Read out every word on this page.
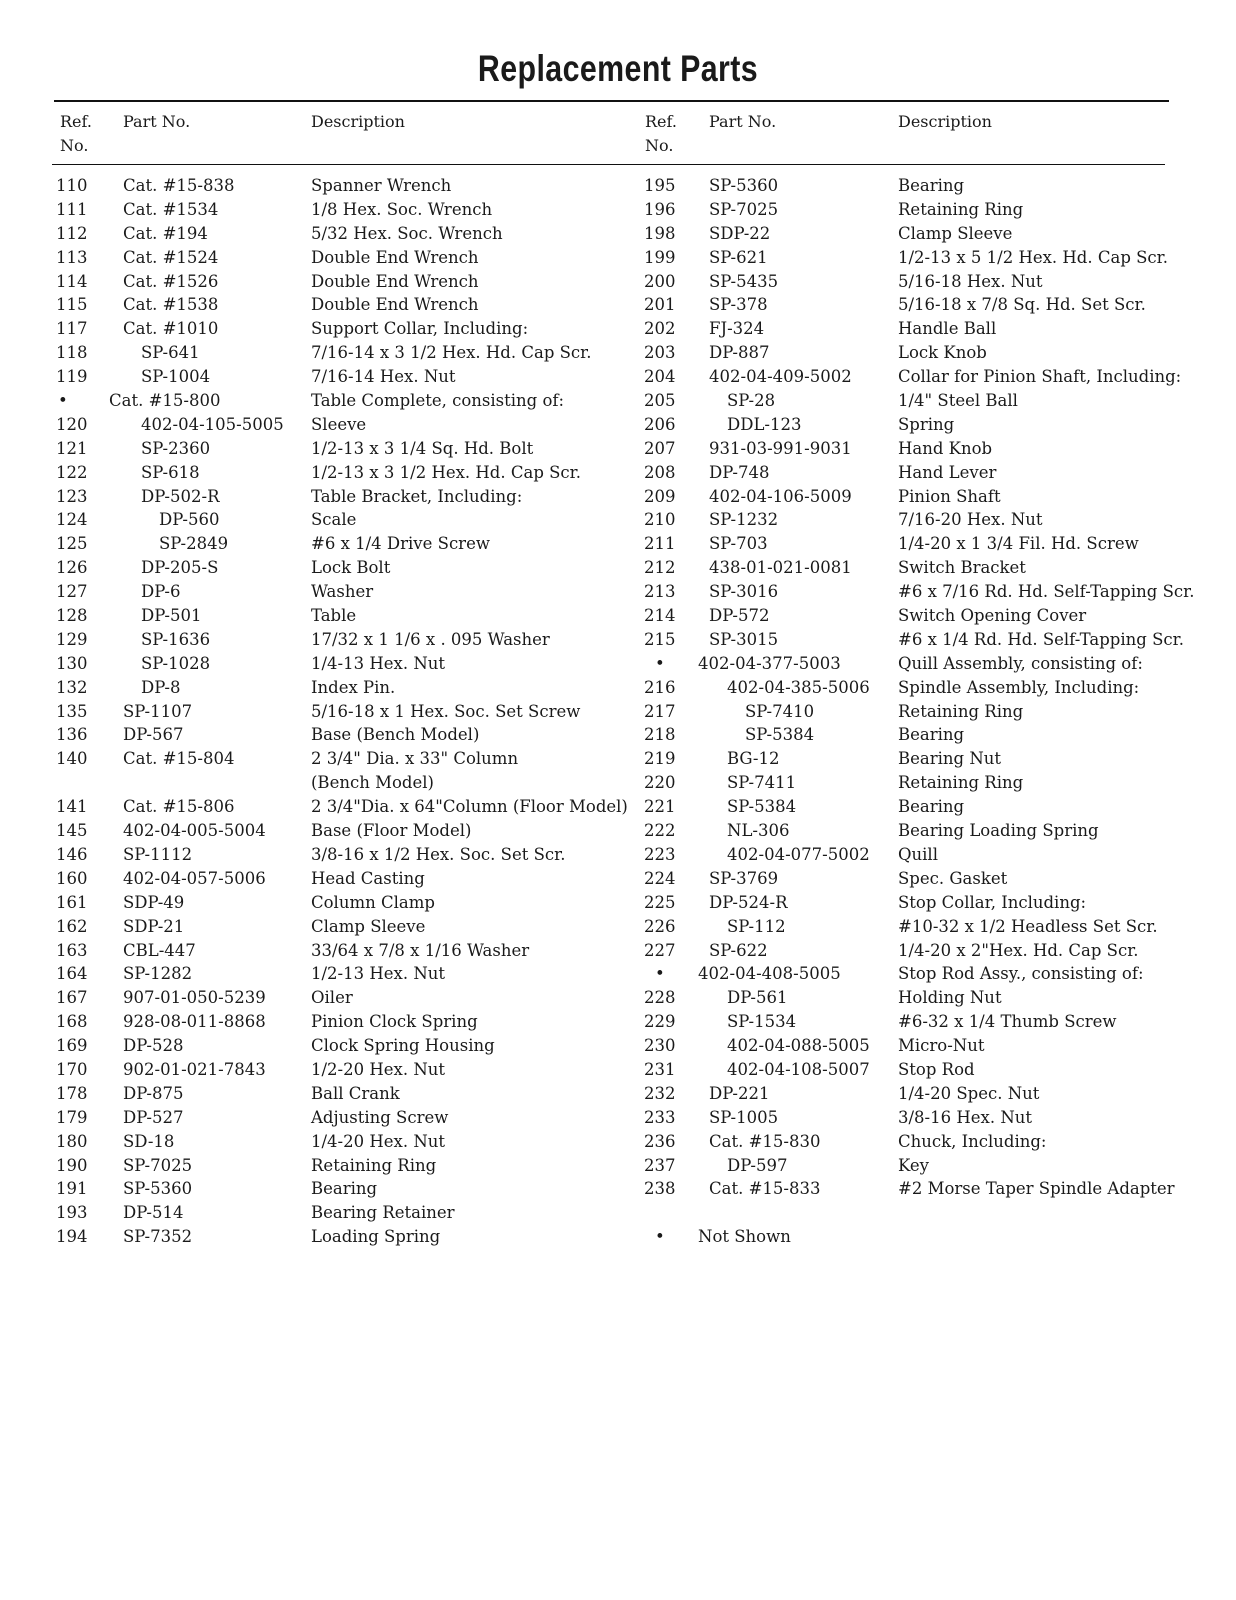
Replacement Parts
Ref.
No.
Part No.	Description	Ref.
No.
Part No.	Description
110 Cat. #15-838	Spanner Wrench
111 Cat. #1534	1/8 Hex. Soc. Wrench
112 Cat. #194	5/32 Hex. Soc. Wrench
113 Cat. #1524	Double End Wrench
114 Cat. #1526	Double End Wrench
115 Cat. #1538	Double End Wrench
117 Cat. #1010	Support Collar, Including:
118	SP-641	7/16-14 x 3 1/2 Hex. Hd. Cap Scr.
119	SP-1004	7/16-14 Hex. Nut
•	Cat. #15-800	Table Complete, consisting of:
120	402-04-105-5005 Sleeve
121	SP-2360	1/2-13 x 3 1/4 Sq. Hd. Bolt
122	SP-618	1/2-13 x 3 1/2 Hex. Hd. Cap Scr.
123	DP-502-R	Table Bracket, Including:
124	DP-560	Scale
125	SP-2849	#6 x 1/4 Drive Screw
126	DP-205-S	Lock Bolt
127	DP-6	Washer
128	DP-501	Table
129	SP-1636	17/32 x 1 1/6 x . 095 Washer
130	SP-1028	1/4-13 Hex. Nut
132	DP-8	Index Pin.
135 SP-1107	5/16-18 x 1 Hex. Soc. Set Screw
136 DP-567	Base (Bench Model)
140 Cat. #15-804	2 3/4" Dia. x 33" Column
(Bench Model)
141 Cat. #15-806	2 3/4"Dia. x 64"Column (Floor Model)
145 402-04-005-5004	Base (Floor Model)
146 SP-1112	3/8-16 x 1/2 Hex. Soc. Set Scr.
160 402-04-057-5006	Head Casting
161 SDP-49	Column Clamp
162 SDP-21	Clamp Sleeve
163 CBL-447	33/64 x 7/8 x 1/16 Washer
164 SP-1282	1/2-13 Hex. Nut
167 907-01-050-5239	Oiler
168 928-08-011-8868	Pinion Clock Spring
169 DP-528	Clock Spring Housing
170 902-01-021-7843	1/2-20 Hex. Nut
178 DP-875	Ball Crank
179 DP-527	Adjusting Screw
180 SD-18	1/4-20 Hex. Nut
190 SP-7025	Retaining Ring
191 SP-5360	Bearing
193 DP-514	Bearing Retainer
194 SP-7352	Loading Spring
195 SP-5360	Bearing
196 SP-7025	Retaining Ring
198 SDP-22	Clamp Sleeve
199 SP-621	1/2-13 x 5 1/2 Hex. Hd. Cap Scr.
200 SP-5435	5/16-18 Hex. Nut
201 SP-378	5/16-18 x 7/8 Sq. Hd. Set Scr.
202 FJ-324	Handle Ball
203 DP-887	Lock Knob
204 402-04-409-5002	Collar for Pinion Shaft, Including:
205	SP-28	1/4" Steel Ball
206	DDL-123	Spring
207 931-03-991-9031	Hand Knob
208 DP-748	Hand Lever
209 402-04-106-5009	Pinion Shaft
210 SP-1232	7/16-20 Hex. Nut
211 SP-703	1/4-20 x 1 3/4 Fil. Hd. Screw
212 438-01-021-0081	Switch Bracket
213 SP-3016	#6 x 7/16 Rd. Hd. Self-Tapping Scr.
214 DP-572	Switch Opening Cover
215 SP-3015	#6 x 1/4 Rd. Hd. Self-Tapping Scr.
• 402-04-377-5003	Quill Assembly, consisting of:
216	402-04-385-5006 Spindle Assembly, Including:
217	SP-7410	Retaining Ring
218	SP-5384	Bearing
219	BG-12	Bearing Nut
220	SP-7411	Retaining Ring
221	SP-5384	Bearing
222	NL-306	Bearing Loading Spring
223	402-04-077-5002 Quill
224 SP-3769	Spec. Gasket
225 DP-524-R	Stop Collar, Including:
226	SP-112	#10-32 x 1/2 Headless Set Scr.
227 SP-622	1/4-20 x 2"Hex. Hd. Cap Scr.
• 402-04-408-5005	Stop Rod Assy., consisting of:
228	DP-561	Holding Nut
229	SP-1534	#6-32 x 1/4 Thumb Screw
230	402-04-088-5005 Micro-Nut
231	402-04-108-5007 Stop Rod
232 DP-221	1/4-20 Spec. Nut
233 SP-1005	3/8-16 Hex. Nut
236 Cat. #15-830	Chuck, Including:
237	DP-597	Key
238 Cat. #15-833	#2 Morse Taper Spindle Adapter
• Not Shown
